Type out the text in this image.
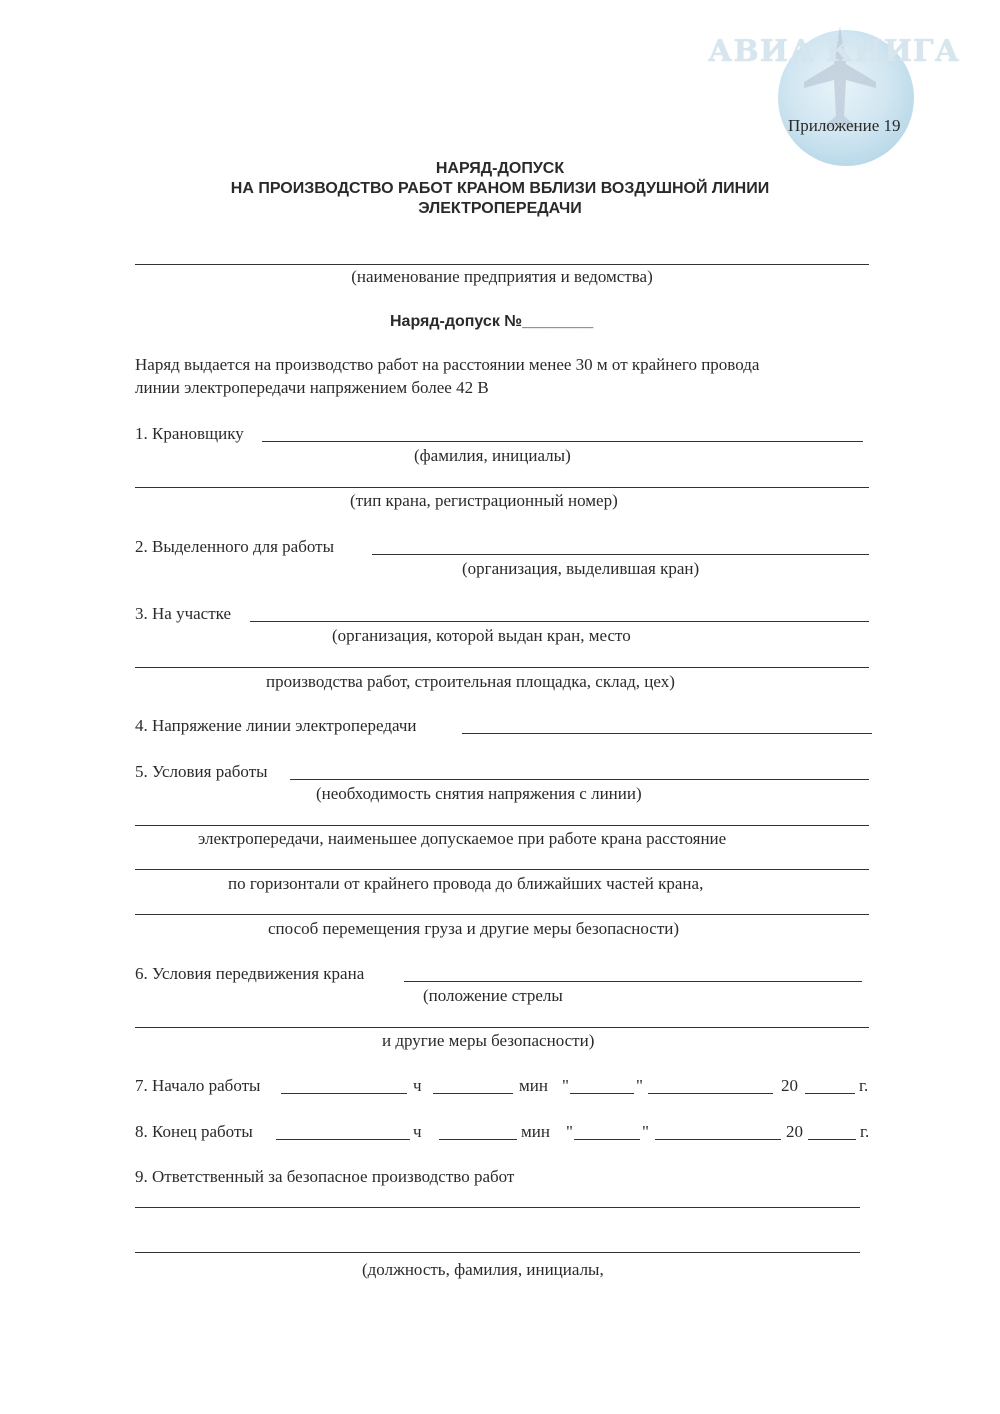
АВИА КНИГА
Приложение 19
НАРЯД-ДОПУСК
НА ПРОИЗВОДСТВО РАБОТ КРАНОМ ВБЛИЗИ ВОЗДУШНОЙ ЛИНИИ
ЭЛЕКТРОПЕРЕДАЧИ
(наименование предприятия и ведомства)
Наряд-допуск №________
Наряд выдается на производство работ на расстоянии менее 30 м от крайнего провода
линии электропередачи напряжением более 42 В
1. Крановщику
(фамилия, инициалы)
(тип крана, регистрационный номер)
2. Выделенного для работы
(организация, выделившая кран)
3. На участке
(организация, которой выдан кран, место
производства работ, строительная площадка, склад, цех)
4. Напряжение линии электропередачи
5. Условия работы
(необходимость снятия напряжения с линии)
электропередачи, наименьшее допускаемое при работе крана расстояние
по горизонтали от крайнего провода до ближайших частей крана,
способ перемещения груза и другие меры безопасности)
6. Условия передвижения крана
(положение стрелы
и другие меры безопасности)
7. Начало работы	ч	мин "	"	20	г.
8. Конец работы	ч	мин "	"	20	г.
9. Ответственный за безопасное производство работ
(должность, фамилия, инициалы,
